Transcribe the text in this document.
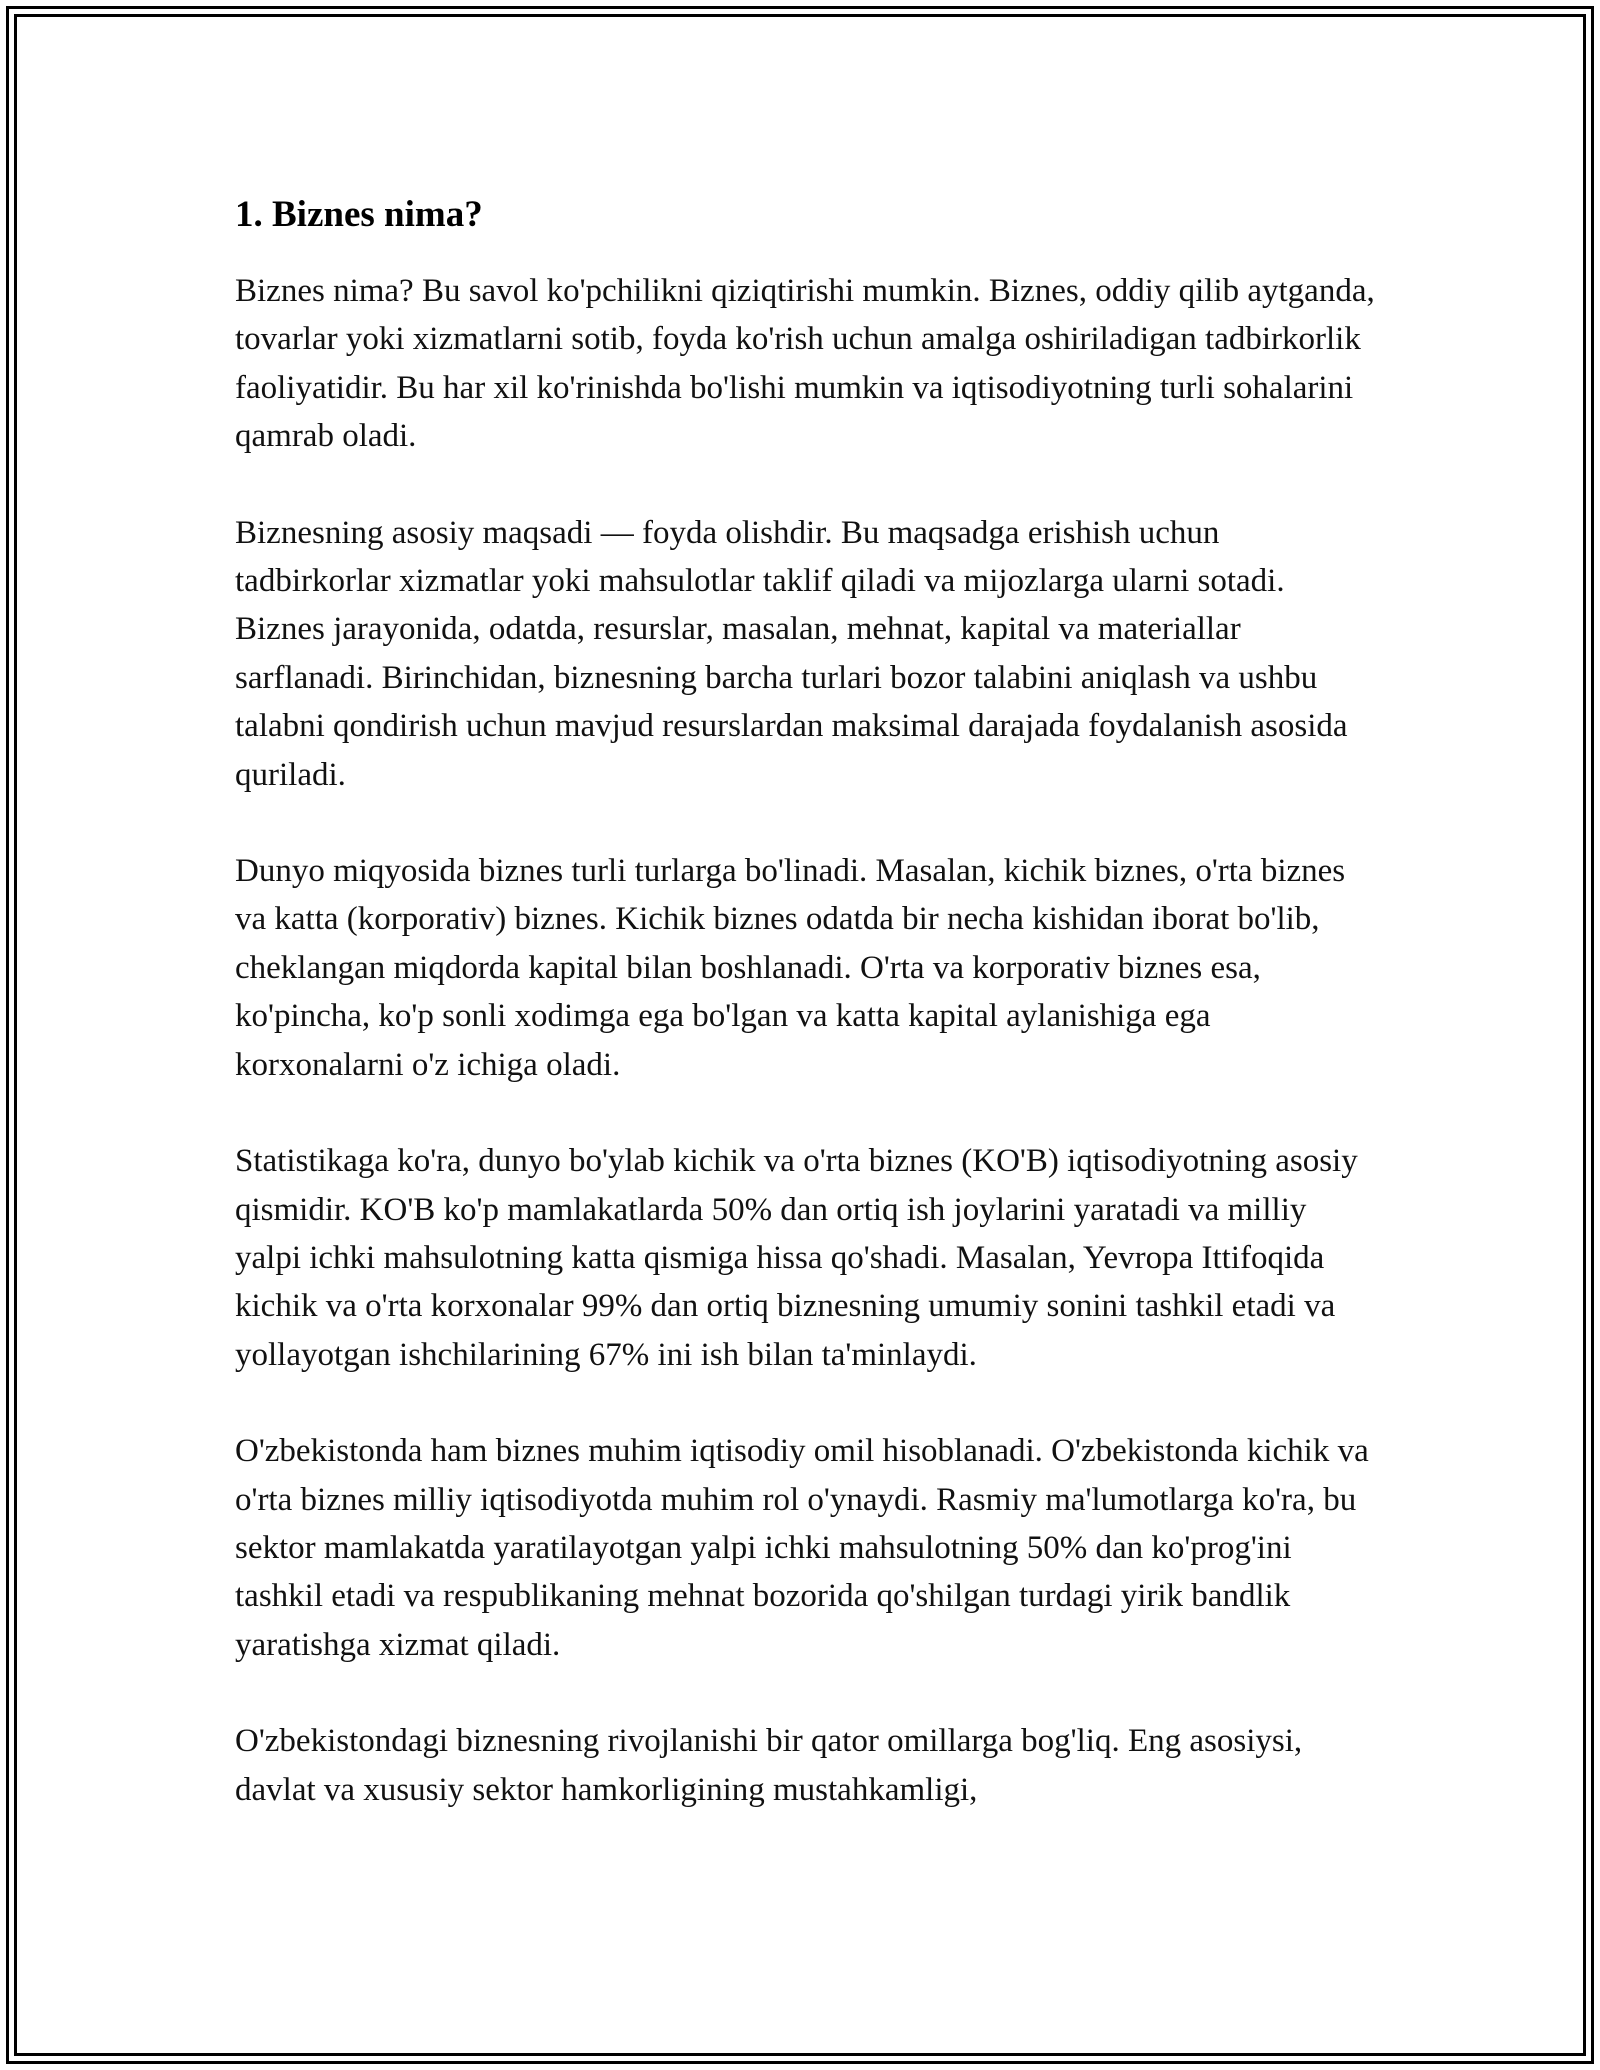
1. Biznes nima?

Biznes nima? Bu savol ko'pchilikni qiziqtirishi mumkin. Biznes, oddiy qilib aytganda, tovarlar yoki xizmatlarni sotib, foyda ko'rish uchun amalga oshiriladigan tadbirkorlik faoliyatidir. Bu har xil ko'rinishda bo'lishi mumkin va iqtisodiyotning turli sohalarini qamrab oladi.

Biznesning asosiy maqsadi — foyda olishdir. Bu maqsadga erishish uchun tadbirkorlar xizmatlar yoki mahsulotlar taklif qiladi va mijozlarga ularni sotadi. Biznes jarayonida, odatda, resurslar, masalan, mehnat, kapital va materiallar sarflanadi. Birinchidan, biznesning barcha turlari bozor talabini aniqlash va ushbu talabni qondirish uchun mavjud resurslardan maksimal darajada foydalanish asosida quriladi.

Dunyo miqyosida biznes turli turlarga bo'linadi. Masalan, kichik biznes, o'rta biznes va katta (korporativ) biznes. Kichik biznes odatda bir necha kishidan iborat bo'lib, cheklangan miqdorda kapital bilan boshlanadi. O'rta va korporativ biznes esa, ko'pincha, ko'p sonli xodimga ega bo'lgan va katta kapital aylanishiga ega korxonalarni o'z ichiga oladi.

Statistikaga ko'ra, dunyo bo'ylab kichik va o'rta biznes (KO'B) iqtisodiyotning asosiy qismidir. KO'B ko'p mamlakatlarda 50% dan ortiq ish joylarini yaratadi va milliy yalpi ichki mahsulotning katta qismiga hissa qo'shadi. Masalan, Yevropa Ittifoqida kichik va o'rta korxonalar 99% dan ortiq biznesning umumiy sonini tashkil etadi va yollayotgan ishchilarining 67% ini ish bilan ta'minlaydi.

O'zbekistonda ham biznes muhim iqtisodiy omil hisoblanadi. O'zbekistonda kichik va o'rta biznes milliy iqtisodiyotda muhim rol o'ynaydi. Rasmiy ma'lumotlarga ko'ra, bu sektor mamlakatda yaratilayotgan yalpi ichki mahsulotning 50% dan ko'prog'ini tashkil etadi va respublikaning mehnat bozorida qo'shilgan turdagi yirik bandlik yaratishga xizmat qiladi.

O'zbekistondagi biznesning rivojlanishi bir qator omillarga bog'liq. Eng asosiysi, davlat va xususiy sektor hamkorligining mustahkamligi,
